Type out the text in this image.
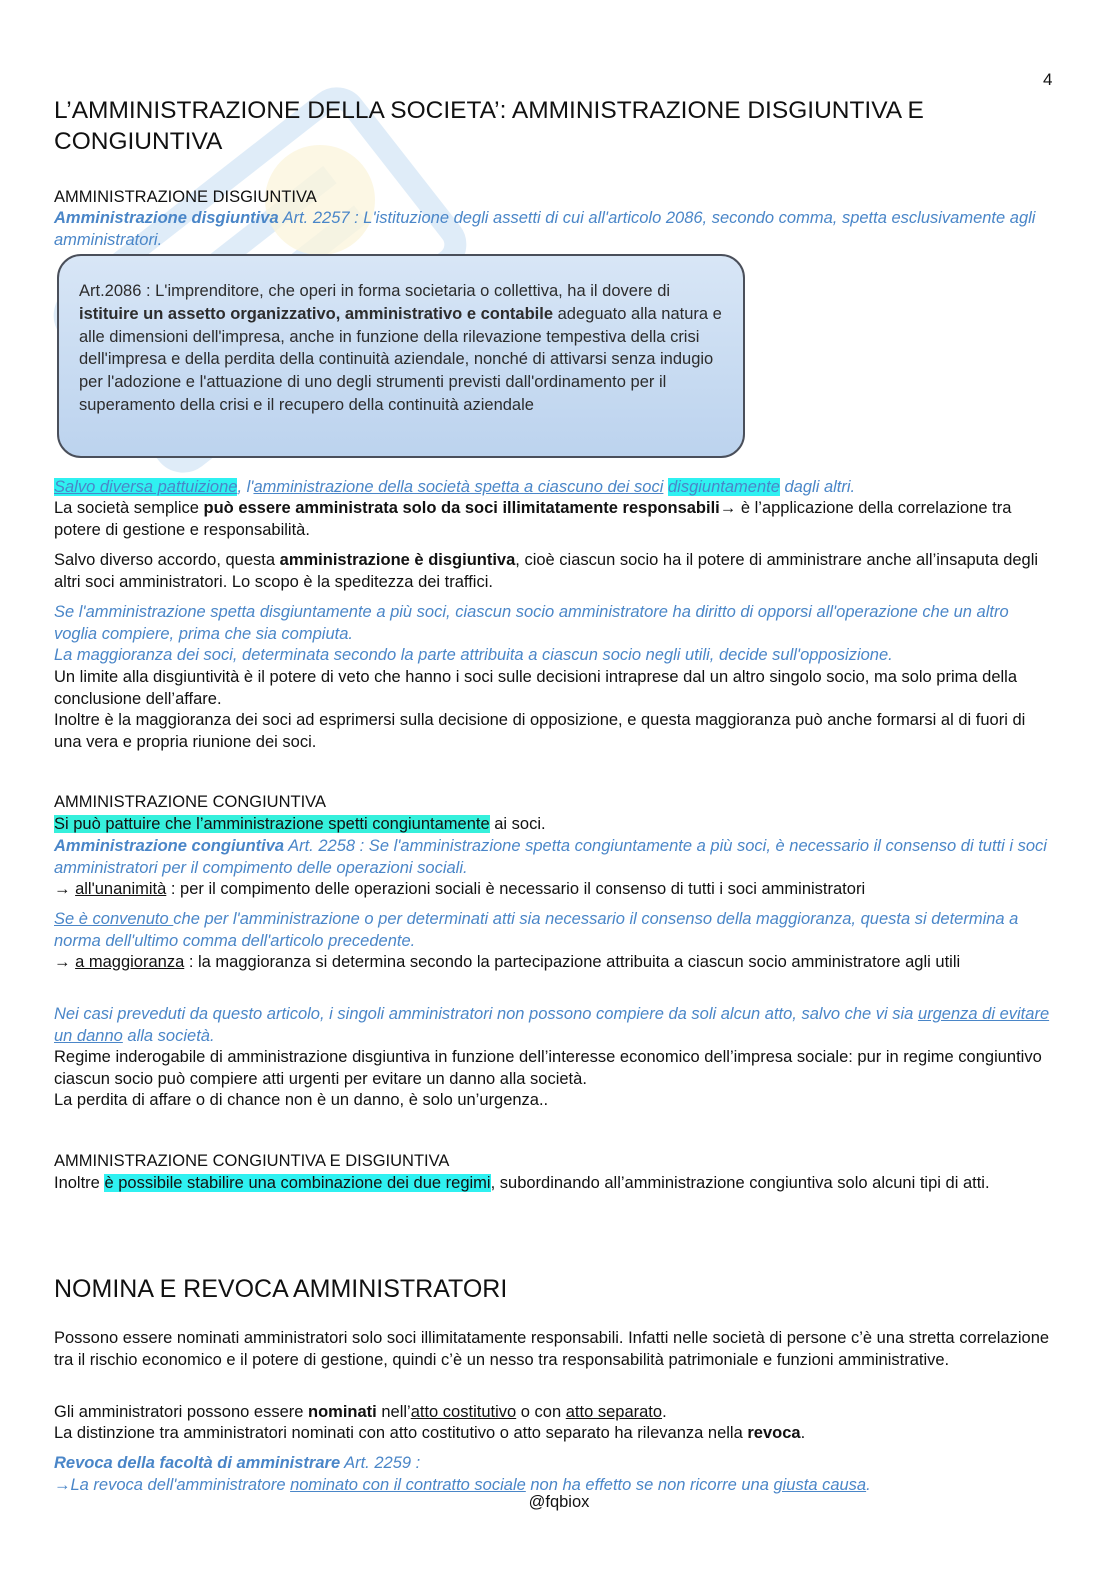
4
L’AMMINISTRAZIONE DELLA SOCIETA’: AMMINISTRAZIONE DISGIUNTIVA E CONGIUNTIVA
AMMINISTRAZIONE DISGIUNTIVA
Amministrazione disgiuntiva Art. 2257 : L'istituzione degli assetti di cui all'articolo 2086, secondo comma, spetta esclusivamente agli amministratori.

Art.2086 : L'imprenditore, che operi in forma societaria o collettiva, ha il dovere di istituire un assetto organizzativo, amministrativo e contabile adeguato alla natura e alle dimensioni dell'impresa, anche in funzione della rilevazione tempestiva della crisi dell'impresa e della perdita della continuità aziendale, nonché di attivarsi senza indugio per l'adozione e l'attuazione di uno degli strumenti previsti dall'ordinamento per il superamento della crisi e il recupero della continuità aziendale

Salvo diversa pattuizione, l'amministrazione della società spetta a ciascuno dei soci disgiuntamente dagli altri.
La società semplice può essere amministrata solo da soci illimitatamente responsabili→ è l’applicazione della correlazione tra potere di gestione e responsabilità.
Salvo diverso accordo, questa amministrazione è disgiuntiva, cioè ciascun socio ha il potere di amministrare anche all’insaputa degli altri soci amministratori. Lo scopo è la speditezza dei traffici.
Se l'amministrazione spetta disgiuntamente a più soci, ciascun socio amministratore ha diritto di opporsi all'operazione che un altro voglia compiere, prima che sia compiuta.
La maggioranza dei soci, determinata secondo la parte attribuita a ciascun socio negli utili, decide sull'opposizione.
Un limite alla disgiuntività è il potere di veto che hanno i soci sulle decisioni intraprese dal un altro singolo socio, ma solo prima della conclusione dell’affare.
Inoltre è la maggioranza dei soci ad esprimersi sulla decisione di opposizione, e questa maggioranza può anche formarsi al di fuori di una vera e propria riunione dei soci.
AMMINISTRAZIONE CONGIUNTIVA
Si può pattuire che l’amministrazione spetti congiuntamente ai soci.
Amministrazione congiuntiva Art. 2258 : Se l'amministrazione spetta congiuntamente a più soci, è necessario il consenso di tutti i soci amministratori per il compimento delle operazioni sociali.
→ all'unanimità : per il compimento delle operazioni sociali è necessario il consenso di tutti i soci amministratori
Se è convenuto che per l'amministrazione o per determinati atti sia necessario il consenso della maggioranza, questa si determina a norma dell'ultimo comma dell'articolo precedente.
→ a maggioranza : la maggioranza si determina secondo la partecipazione attribuita a ciascun socio amministratore agli utili
Nei casi preveduti da questo articolo, i singoli amministratori non possono compiere da soli alcun atto, salvo che vi sia urgenza di evitare un danno alla società.
Regime inderogabile di amministrazione disgiuntiva in funzione dell’interesse economico dell’impresa sociale: pur in regime congiuntivo ciascun socio può compiere atti urgenti per evitare un danno alla società.
La perdita di affare o di chance non è un danno, è solo un’urgenza..
AMMINISTRAZIONE CONGIUNTIVA E DISGIUNTIVA
Inoltre è possibile stabilire una combinazione dei due regimi, subordinando all’amministrazione congiuntiva solo alcuni tipi di atti.
NOMINA E REVOCA AMMINISTRATORI
Possono essere nominati amministratori solo soci illimitatamente responsabili. Infatti nelle società di persone c’è una stretta correlazione tra il rischio economico e il potere di gestione, quindi c’è un nesso tra responsabilità patrimoniale e funzioni amministrative.
Gli amministratori possono essere nominati nell’atto costitutivo o con atto separato.
La distinzione tra amministratori nominati con atto costitutivo o atto separato ha rilevanza nella revoca.
Revoca della facoltà di amministrare Art. 2259 :
→La revoca dell'amministratore nominato con il contratto sociale non ha effetto se non ricorre una giusta causa.
@fqbiox
